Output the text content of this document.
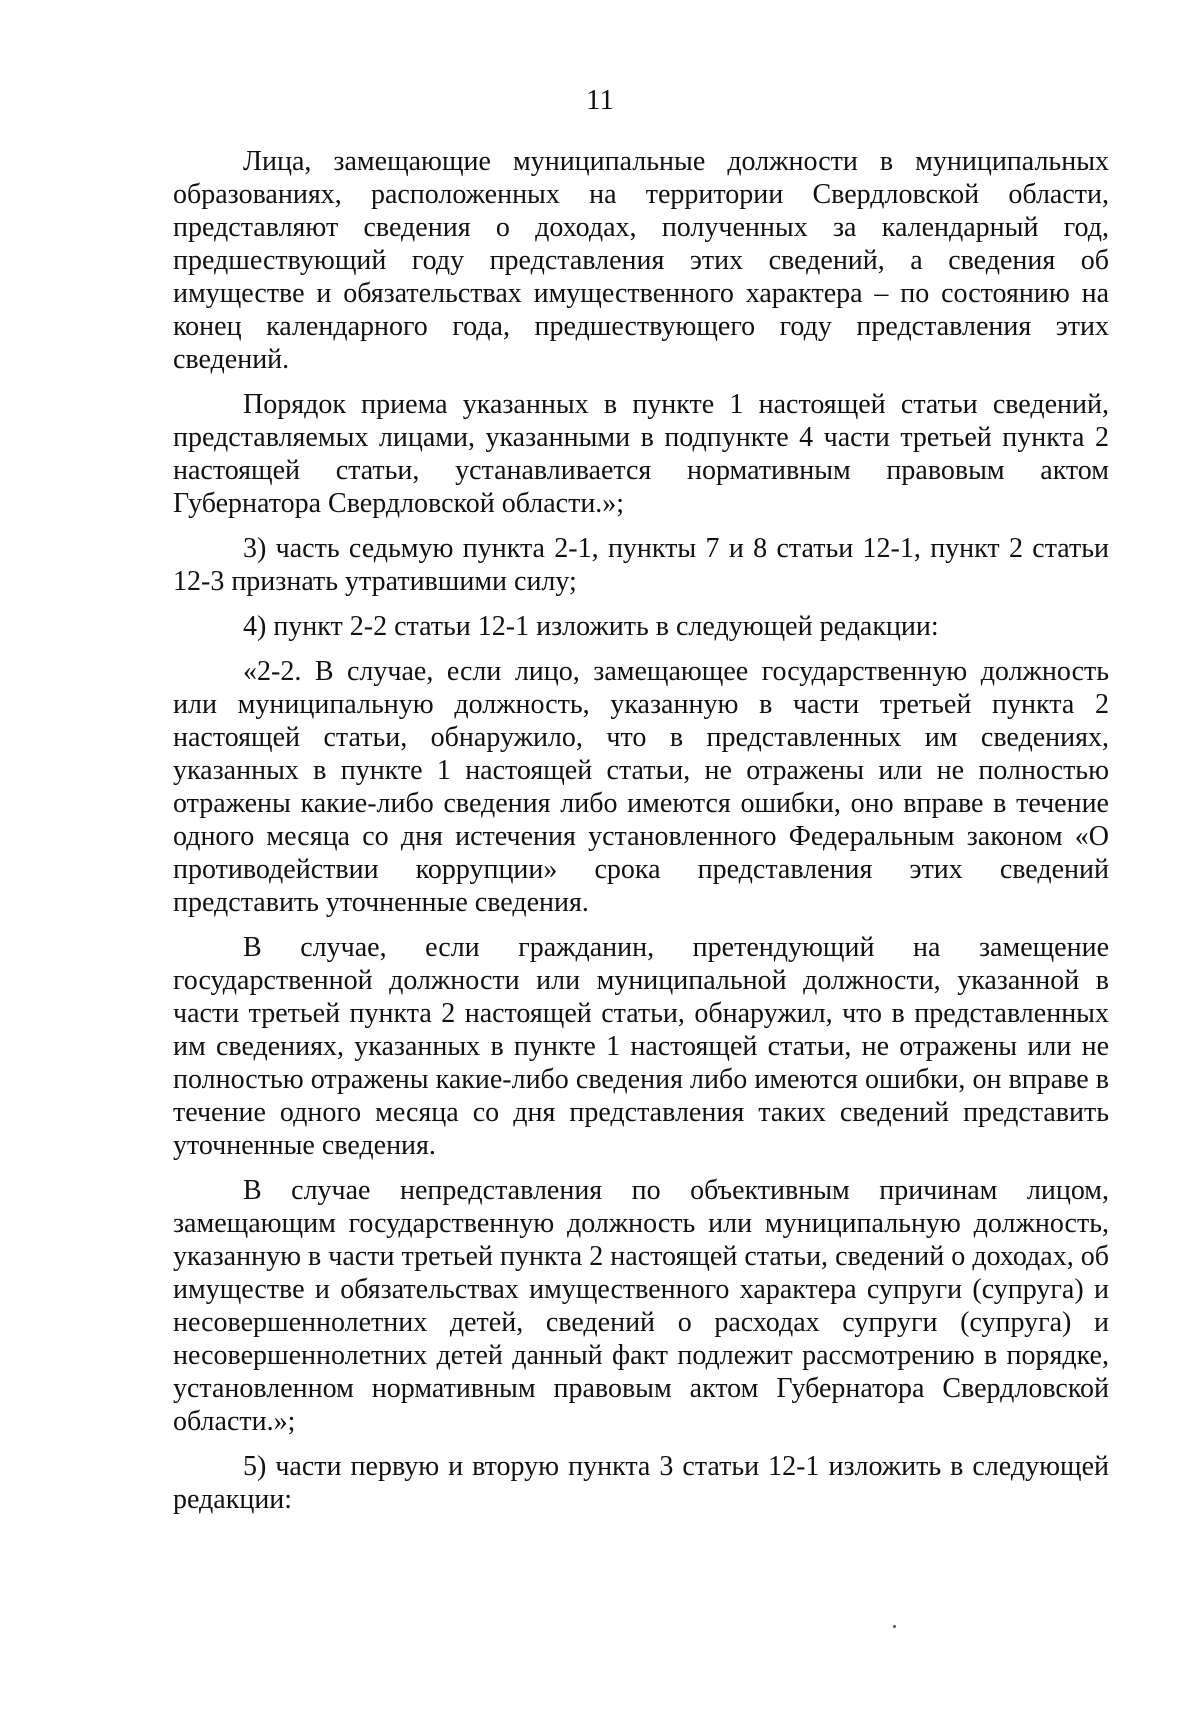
11

Лица, замещающие муниципальные должности в муниципальных образованиях, расположенных на территории Свердловской области, представляют сведения о доходах, полученных за календарный год, предшествующий году представления этих сведений, а сведения об имуществе и обязательствах имущественного характера – по состоянию на конец календарного года, предшествующего году представления этих сведений.

Порядок приема указанных в пункте 1 настоящей статьи сведений, представляемых лицами, указанными в подпункте 4 части третьей пункта 2 настоящей статьи, устанавливается нормативным правовым актом Губернатора Свердловской области.»;

3) часть седьмую пункта 2-1, пункты 7 и 8 статьи 12-1, пункт 2 статьи 12-3 признать утратившими силу;

4) пункт 2-2 статьи 12-1 изложить в следующей редакции:

«2-2. В случае, если лицо, замещающее государственную должность или муниципальную должность, указанную в части третьей пункта 2 настоящей статьи, обнаружило, что в представленных им сведениях, указанных в пункте 1 настоящей статьи, не отражены или не полностью отражены какие-либо сведения либо имеются ошибки, оно вправе в течение одного месяца со дня истечения установленного Федеральным законом «О противодействии коррупции» срока представления этих сведений представить уточненные сведения.

В случае, если гражданин, претендующий на замещение государственной должности или муниципальной должности, указанной в части третьей пункта 2 настоящей статьи, обнаружил, что в представленных им сведениях, указанных в пункте 1 настоящей статьи, не отражены или не полностью отражены какие-либо сведения либо имеются ошибки, он вправе в течение одного месяца со дня представления таких сведений представить уточненные сведения.

В случае непредставления по объективным причинам лицом, замещающим государственную должность или муниципальную должность, указанную в части третьей пункта 2 настоящей статьи, сведений о доходах, об имуществе и обязательствах имущественного характера супруги (супруга) и несовершеннолетних детей, сведений о расходах супруги (супруга) и несовершеннолетних детей данный факт подлежит рассмотрению в порядке, установленном нормативным правовым актом Губернатора Свердловской области.»;

5) части первую и вторую пункта 3 статьи 12-1 изложить в следующей редакции:
